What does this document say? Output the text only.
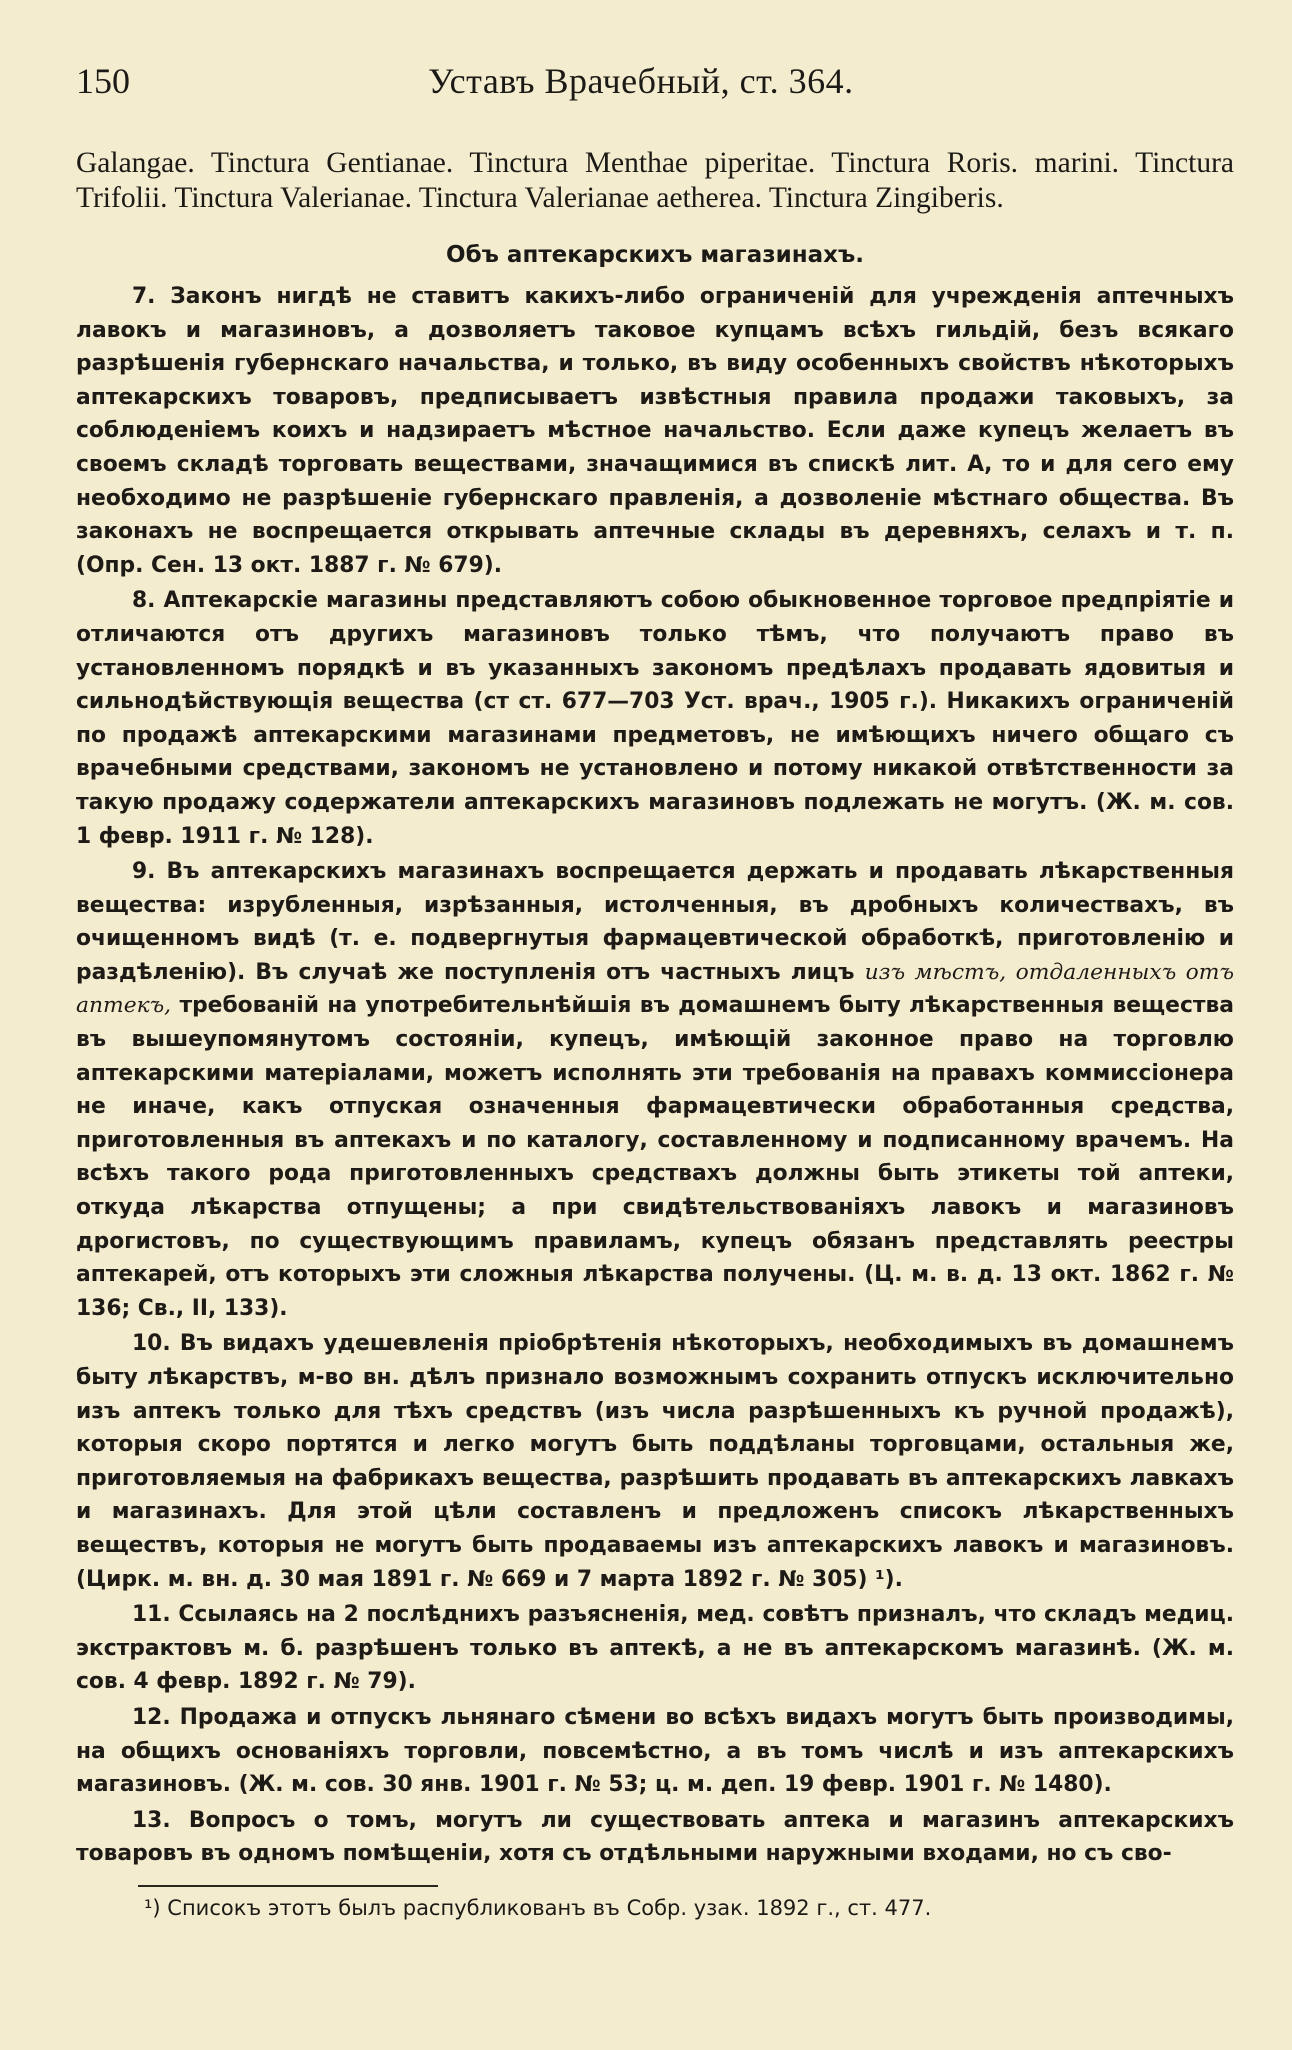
150	Уставъ Врачебный, ст. 364.

Galangae. Tinctura Gentianae. Tinctura Menthae piperitae. Tinctura Roris. marini. Tinctura Trifolii. Tinctura Valerianae. Tinctura Valerianae aetherea. Tinctura Zingiberis.

Объ аптекарскихъ магазинахъ.

7. Законъ нигдѣ не ставитъ какихъ-либо ограниченій для учрежденія аптечныхъ лавокъ и магазиновъ, а дозволяетъ таковое купцамъ всѣхъ гильдій, безъ всякаго разрѣшенія губернскаго начальства, и только, въ виду особенныхъ свойствъ нѣкоторыхъ аптекарскихъ товаровъ, предписываетъ извѣстныя правила продажи таковыхъ, за соблюденіемъ коихъ и надзираетъ мѣстное начальство. Если даже купецъ желаетъ въ своемъ складѣ торговать веществами, значащимися въ спискѣ лит. А, то и для сего ему необходимо не разрѣшеніе губернскаго правленія, а дозволеніе мѣстнаго общества. Въ законахъ не воспрещается открывать аптечные склады въ деревняхъ, селахъ и т. п. (Опр. Сен. 13 окт. 1887 г. № 679).

8. Аптекарскіе магазины представляютъ собою обыкновенное торговое предпріятіе и отличаются отъ другихъ магазиновъ только тѣмъ, что получаютъ право въ установленномъ порядкѣ и въ указанныхъ закономъ предѣлахъ продавать ядовитыя и сильнодѣйствующія вещества (ст ст. 677—703 Уст. врач., 1905 г.). Никакихъ ограниченій по продажѣ аптекарскими магазинами предметовъ, не имѣющихъ ничего общаго съ врачебными средствами, закономъ не установлено и потому никакой отвѣтственности за такую продажу содержатели аптекарскихъ магазиновъ подлежать не могутъ. (Ж. м. сов. 1 февр. 1911 г. № 128).

9. Въ аптекарскихъ магазинахъ воспрещается держать и продавать лѣкарственныя вещества: изрубленныя, изрѣзанныя, истолченныя, въ дробныхъ количествахъ, въ очищенномъ видѣ (т. е. подвергнутыя фармацевтической обработкѣ, приготовленію и раздѣленію). Въ случаѣ же поступленія отъ частныхъ лицъ изъ мѣстъ, отдаленныхъ отъ аптекъ, требованій на употребительнѣйшія въ домашнемъ быту лѣкарственныя вещества въ вышеупомянутомъ состояніи, купецъ, имѣющій законное право на торговлю аптекарскими матеріалами, можетъ исполнять эти требованія на правахъ коммиссіонера не иначе, какъ отпуская означенныя фармацевтически обработанныя средства, приготовленныя въ аптекахъ и по каталогу, составленному и подписанному врачемъ. На всѣхъ такого рода приготовленныхъ средствахъ должны быть этикеты той аптеки, откуда лѣкарства отпущены; а при свидѣтельствованіяхъ лавокъ и магазиновъ дрогистовъ, по существующимъ правиламъ, купецъ обязанъ представлять реестры аптекарей, отъ которыхъ эти сложныя лѣкарства получены. (Ц. м. в. д. 13 окт. 1862 г. № 136; Св., II, 133).

10. Въ видахъ удешевленія пріобрѣтенія нѣкоторыхъ, необходимыхъ въ домашнемъ быту лѣкарствъ, м-во вн. дѣлъ признало возможнымъ сохранить отпускъ исключительно изъ аптекъ только для тѣхъ средствъ (изъ числа разрѣшенныхъ къ ручной продажѣ), которыя скоро портятся и легко могутъ быть поддѣланы торговцами, остальныя же, приготовляемыя на фабрикахъ вещества, разрѣшить продавать въ аптекарскихъ лавкахъ и магазинахъ. Для этой цѣли составленъ и предложенъ списокъ лѣкарственныхъ веществъ, которыя не могутъ быть продаваемы изъ аптекарскихъ лавокъ и магазиновъ. (Цирк. м. вн. д. 30 мая 1891 г. № 669 и 7 марта 1892 г. № 305) ¹).

11. Ссылаясь на 2 послѣднихъ разъясненія, мед. совѣтъ призналъ, что складъ медиц. экстрактовъ м. б. разрѣшенъ только въ аптекѣ, а не въ аптекарскомъ магазинѣ. (Ж. м. сов. 4 февр. 1892 г. № 79).

12. Продажа и отпускъ льнянаго сѣмени во всѣхъ видахъ могутъ быть производимы, на общихъ основаніяхъ торговли, повсемѣстно, а въ томъ числѣ и изъ аптекарскихъ магазиновъ. (Ж. м. сов. 30 янв. 1901 г. № 53; ц. м. деп. 19 февр. 1901 г. № 1480).

13. Вопросъ о томъ, могутъ ли существовать аптека и магазинъ аптекарскихъ товаровъ въ одномъ помѣщеніи, хотя съ отдѣльными наружными входами, но съ сво-

¹) Списокъ этотъ былъ распубликованъ въ Собр. узак. 1892 г., ст. 477.
